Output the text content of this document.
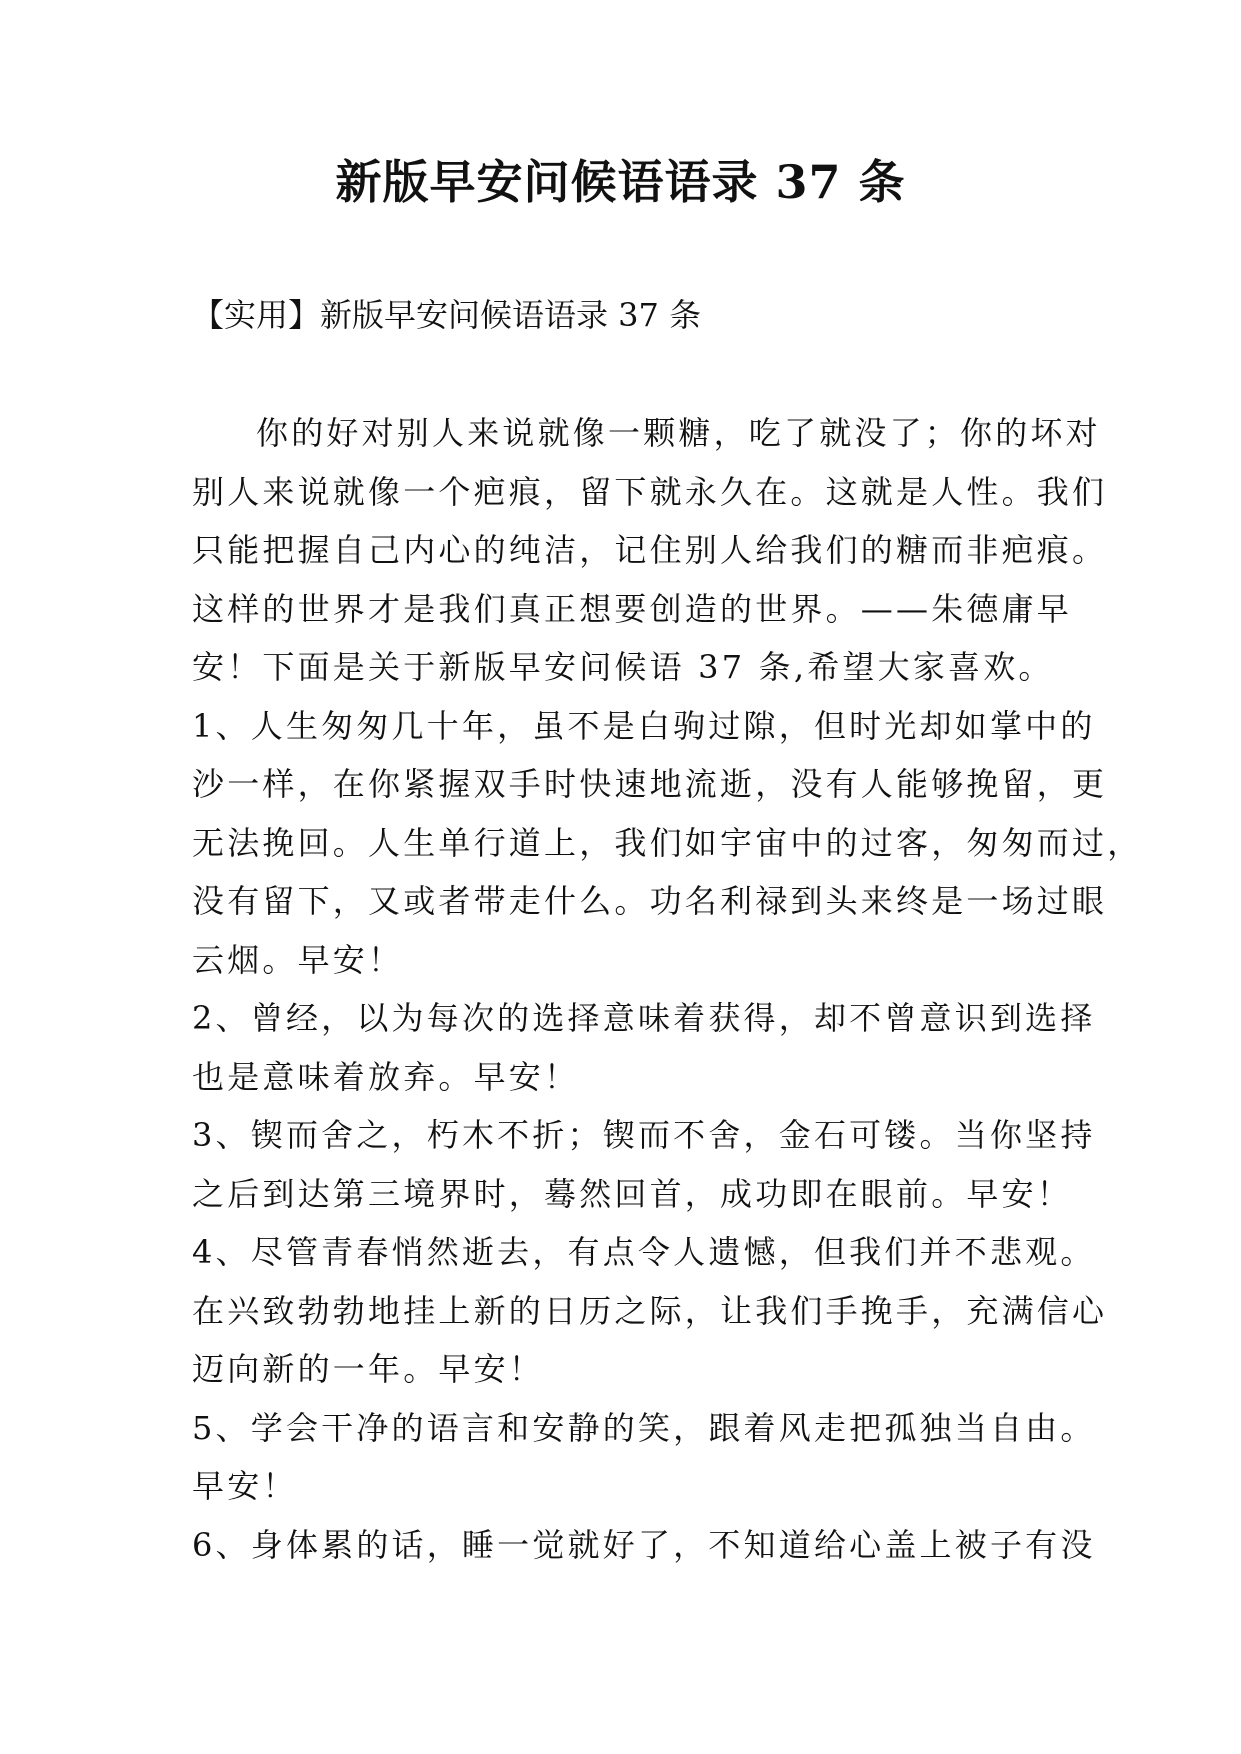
新版早安问候语语录 37 条
【实用】新版早安问候语语录 37 条
你的好对别人来说就像一颗糖，吃了就没了；你的坏对
别人来说就像一个疤痕，留下就永久在。这就是人性。我们
只能把握自己内心的纯洁，记住别人给我们的糖而非疤痕。
这样的世界才是我们真正想要创造的世界。——朱德庸早
安！下面是关于新版早安问候语 37 条,希望大家喜欢。
1、人生匆匆几十年，虽不是白驹过隙，但时光却如掌中的
沙一样，在你紧握双手时快速地流逝，没有人能够挽留，更
无法挽回。人生单行道上，我们如宇宙中的过客，匆匆而过，
没有留下，又或者带走什么。功名利禄到头来终是一场过眼
云烟。早安！
2、曾经，以为每次的选择意味着获得，却不曾意识到选择
也是意味着放弃。早安！
3、锲而舍之，朽木不折；锲而不舍，金石可镂。当你坚持
之后到达第三境界时，蓦然回首，成功即在眼前。早安！
4、尽管青春悄然逝去，有点令人遗憾，但我们并不悲观。
在兴致勃勃地挂上新的日历之际，让我们手挽手，充满信心
迈向新的一年。早安！
5、学会干净的语言和安静的笑，跟着风走把孤独当自由。
早安！
6、身体累的话，睡一觉就好了，不知道给心盖上被子有没
